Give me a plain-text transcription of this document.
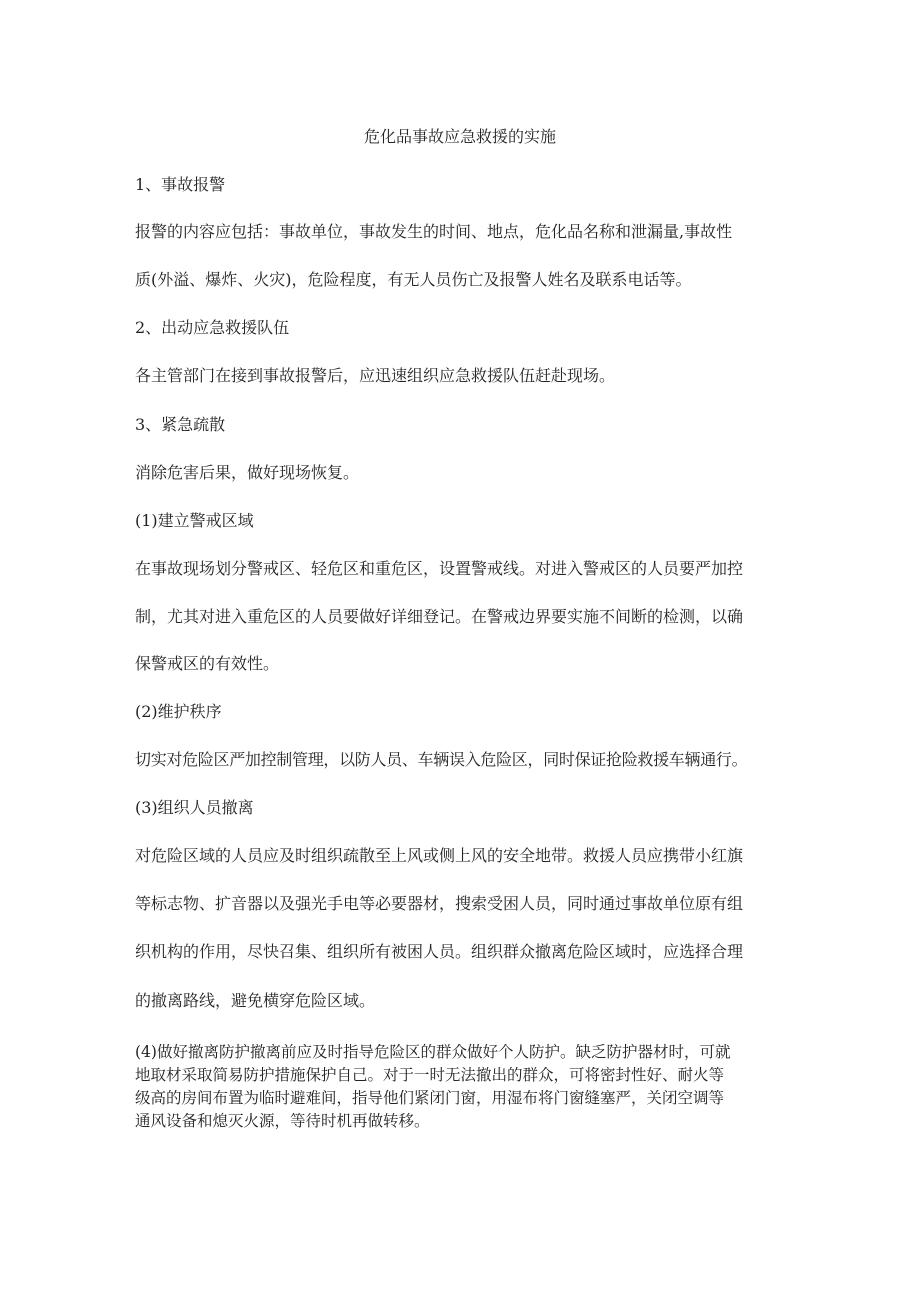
危化品事故应急救援的实施
1、事故报警
报警的内容应包括：事故单位，事故发生的时间、地点，危化品名称和泄漏量,事故性
质(外溢、爆炸、火灾)，危险程度，有无人员伤亡及报警人姓名及联系电话等。
2、出动应急救援队伍
各主管部门在接到事故报警后，应迅速组织应急救援队伍赶赴现场。
3、紧急疏散
消除危害后果，做好现场恢复。
(1)建立警戒区域
在事故现场划分警戒区、轻危区和重危区，设置警戒线。对进入警戒区的人员要严加控
制，尤其对进入重危区的人员要做好详细登记。在警戒边界要实施不间断的检测，以确
保警戒区的有效性。
(2)维护秩序
切实对危险区严加控制管理，以防人员、车辆误入危险区，同时保证抢险救援车辆通行。
(3)组织人员撤离
对危险区域的人员应及时组织疏散至上风或侧上风的安全地带。救援人员应携带小红旗
等标志物、扩音器以及强光手电等必要器材，搜索受困人员，同时通过事故单位原有组
织机构的作用，尽快召集、组织所有被困人员。组织群众撤离危险区域时，应选择合理
的撤离路线，避免横穿危险区域。
(4)做好撤离防护撤离前应及时指导危险区的群众做好个人防护。缺乏防护器材时，可就
地取材采取简易防护措施保护自己。对于一时无法撤出的群众，可将密封性好、耐火等
级高的房间布置为临时避难间，指导他们紧闭门窗，用湿布将门窗缝塞严，关闭空调等
通风设备和熄灭火源，等待时机再做转移。
